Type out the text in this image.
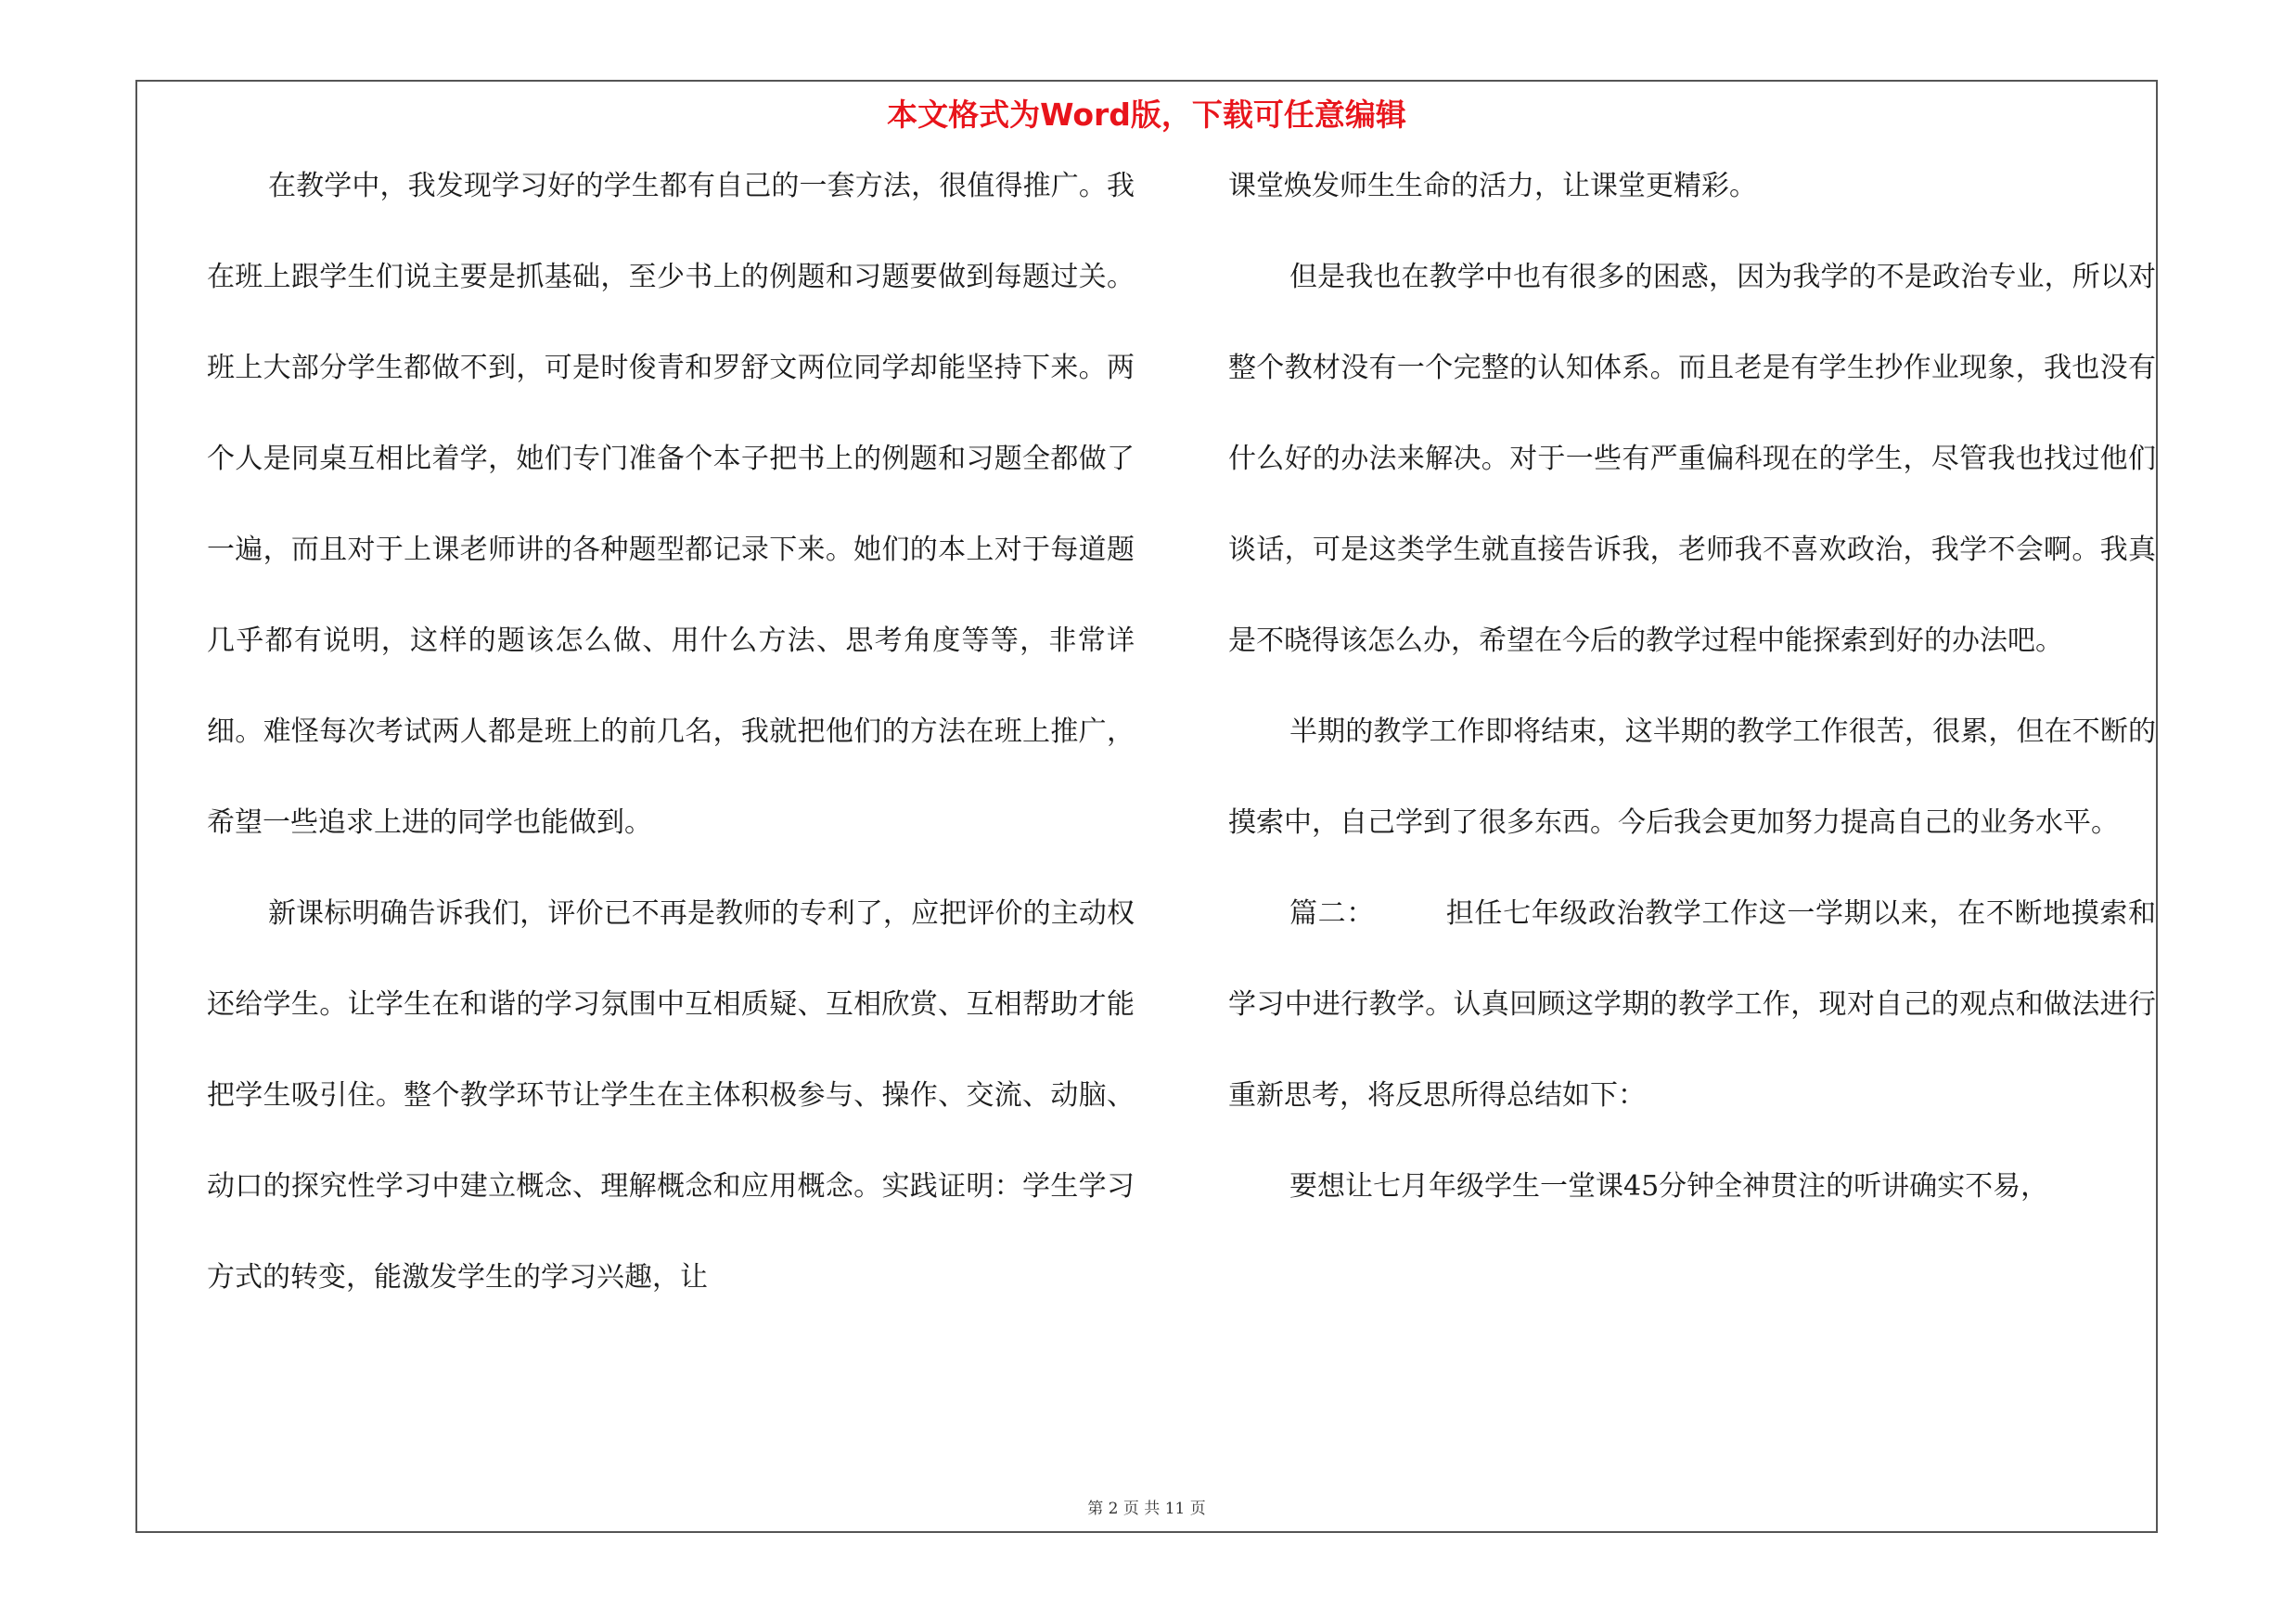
本文格式为Word版，下载可任意编辑

在教学中，我发现学习好的学生都有自己的一套方法，很值得推广。我在班上跟学生们说主要是抓基础，至少书上的例题和习题要做到每题过关。班上大部分学生都做不到，可是时俊青和罗舒文两位同学却能坚持下来。两个人是同桌互相比着学，她们专门准备个本子把书上的例题和习题全都做了一遍，而且对于上课老师讲的各种题型都记录下来。她们的本上对于每道题几乎都有说明，这样的题该怎么做、用什么方法、思考角度等等，非常详细。难怪每次考试两人都是班上的前几名，我就把他们的方法在班上推广，希望一些追求上进的同学也能做到。

新课标明确告诉我们，评价已不再是教师的专利了，应把评价的主动权还给学生。让学生在和谐的学习氛围中互相质疑、互相欣赏、互相帮助才能把学生吸引住。整个教学环节让学生在主体积极参与、操作、交流、动脑、动口的探究性学习中建立概念、理解概念和应用概念。实践证明：学生学习方式的转变，能激发学生的学习兴趣，让

课堂焕发师生生命的活力，让课堂更精彩。

但是我也在教学中也有很多的困惑，因为我学的不是政治专业，所以对整个教材没有一个完整的认知体系。而且老是有学生抄作业现象，我也没有什么好的办法来解决。对于一些有严重偏科现在的学生，尽管我也找过他们谈话，可是这类学生就直接告诉我，老师我不喜欢政治，我学不会啊。我真是不晓得该怎么办，希望在今后的教学过程中能探索到好的办法吧。

半期的教学工作即将结束，这半期的教学工作很苦，很累，但在不断的摸索中，自己学到了很多东西。今后我会更加努力提高自己的业务水平。

篇二：　　　担任七年级政治教学工作这一学期以来，在不断地摸索和学习中进行教学。认真回顾这学期的教学工作，现对自己的观点和做法进行重新思考，将反思所得总结如下：

要想让七月年级学生一堂课45分钟全神贯注的听讲确实不易，

第 2 页 共 11 页
